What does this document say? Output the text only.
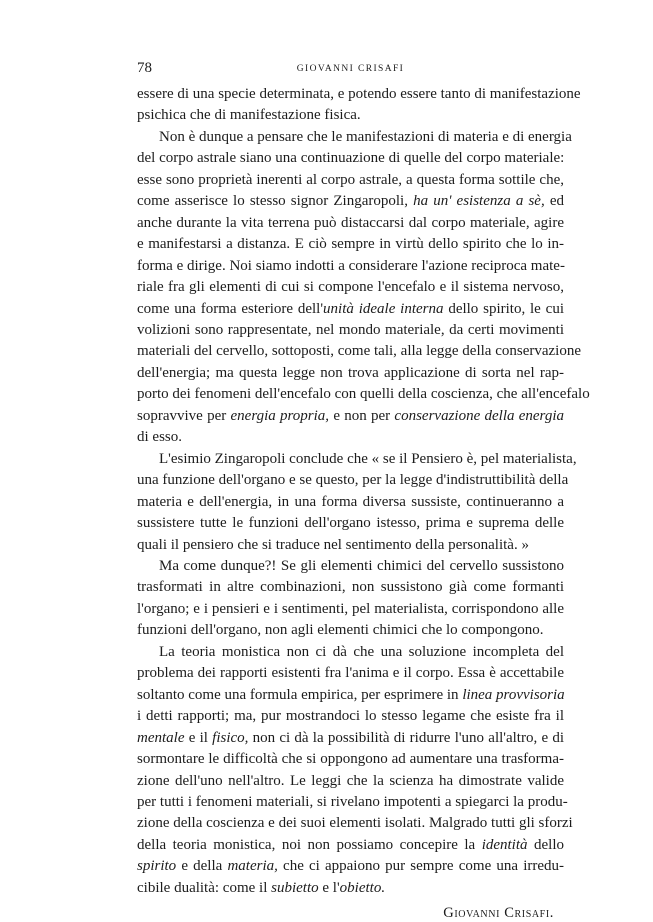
78	GIOVANNI CRISAFI

essere di una specie determinata, e potendo essere tanto di manifestazione

psichica che di manifestazione fisica.

Non è dunque a pensare che le manifestazioni di materia e di energia

del corpo astrale siano una continuazione di quelle del corpo materiale:

esse sono proprietà inerenti al corpo astrale, a questa forma sottile che,

come asserisce lo stesso signor Zingaropoli, ha un' esistenza a sè, ed

anche durante la vita terrena può distaccarsi dal corpo materiale, agire

e manifestarsi a distanza. E ciò sempre in virtù dello spirito che lo in-

forma e dirige. Noi siamo indotti a considerare l'azione reciproca mate-

riale fra gli elementi di cui si compone l'encefalo e il sistema nervoso,

come una forma esteriore dell'unità ideale interna dello spirito, le cui

volizioni sono rappresentate, nel mondo materiale, da certi movimenti

materiali del cervello, sottoposti, come tali, alla legge della conservazione

dell'energia; ma questa legge non trova applicazione di sorta nel rap-

porto dei fenomeni dell'encefalo con quelli della coscienza, che all'encefalo

sopravvive per energia propria, e non per conservazione della energia

di esso.

L'esimio Zingaropoli conclude che « se il Pensiero è, pel materialista,

una funzione dell'organo e se questo, per la legge d'indistruttibilità della

materia e dell'energia, in una forma diversa sussiste, continueranno a

sussistere tutte le funzioni dell'organo istesso, prima e suprema delle

quali il pensiero che si traduce nel sentimento della personalità. »

Ma come dunque?! Se gli elementi chimici del cervello sussistono

trasformati in altre combinazioni, non sussistono già come formanti

l'organo; e i pensieri e i sentimenti, pel materialista, corrispondono alle

funzioni dell'organo, non agli elementi chimici che lo compongono.

La teoria monistica non ci dà che una soluzione incompleta del

problema dei rapporti esistenti fra l'anima e il corpo. Essa è accettabile

soltanto come una formula empirica, per esprimere in linea provvisoria

i detti rapporti; ma, pur mostrandoci lo stesso legame che esiste fra il

mentale e il fisico, non ci dà la possibilità di ridurre l'uno all'altro, e di

sormontare le difficoltà che si oppongono ad aumentare una trasforma-

zione dell'uno nell'altro. Le leggi che la scienza ha dimostrate valide

per tutti i fenomeni materiali, si rivelano impotenti a spiegarci la produ-

zione della coscienza e dei suoi elementi isolati. Malgrado tutti gli sforzi

della teoria monistica, noi non possiamo concepire la identità dello

spirito e della materia, che ci appaiono pur sempre come una irredu-

cibile dualità: come il subietto e l'obietto.

Giovanni Crisafi.
